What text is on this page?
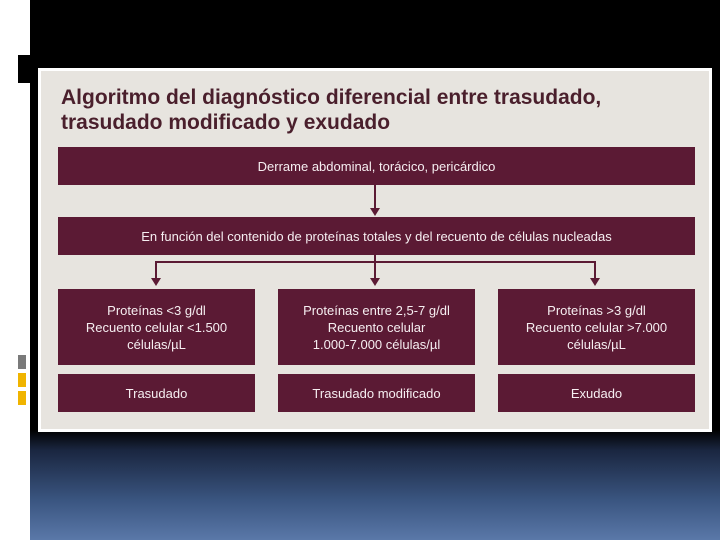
Algoritmo del diagnóstico diferencial entre trasudado,
trasudado modificado y exudado
Derrame abdominal, torácico, pericárdico
En función del contenido de proteínas totales y del recuento de células nucleadas
Proteínas <3 g/dl
Recuento celular <1.500
células/µL
Proteínas entre 2,5-7 g/dl
Recuento celular
1.000-7.000 células/µl
Proteínas >3 g/dl
Recuento celular >7.000
células/µL
Trasudado	Trasudado modificado	Exudado
